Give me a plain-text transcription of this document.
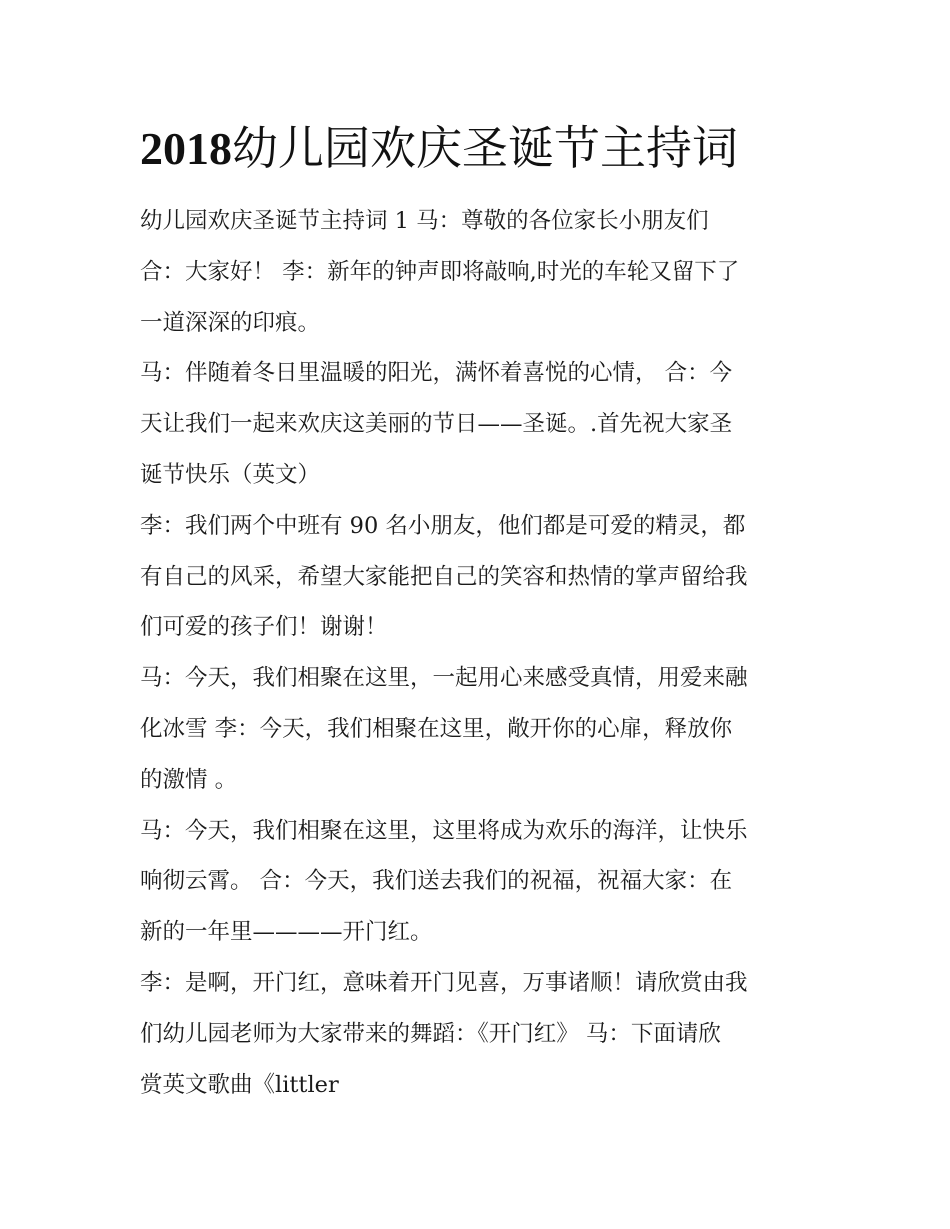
2018幼儿园欢庆圣诞节主持词

幼儿园欢庆圣诞节主持词 1 马：尊敬的各位家长小朋友们

合：大家好！ 李：新年的钟声即将敲响,时光的车轮又留下了

一道深深的印痕。

马：伴随着冬日里温暖的阳光，满怀着喜悦的心情， 合：今

天让我们一起来欢庆这美丽的节日——圣诞。.首先祝大家圣

诞节快乐（英文）

李：我们两个中班有 90 名小朋友，他们都是可爱的精灵，都

有自己的风采，希望大家能把自己的笑容和热情的掌声留给我

们可爱的孩子们！谢谢！

马：今天，我们相聚在这里，一起用心来感受真情，用爱来融

化冰雪 李：今天，我们相聚在这里，敞开你的心扉，释放你

的激情 。

马：今天，我们相聚在这里，这里将成为欢乐的海洋，让快乐

响彻云霄。 合：今天，我们送去我们的祝福，祝福大家：在

新的一年里————开门红。

李：是啊，开门红，意味着开门见喜，万事诸顺！请欣赏由我

们幼儿园老师为大家带来的舞蹈：《开门红》 马：下面请欣

赏英文歌曲《littler
